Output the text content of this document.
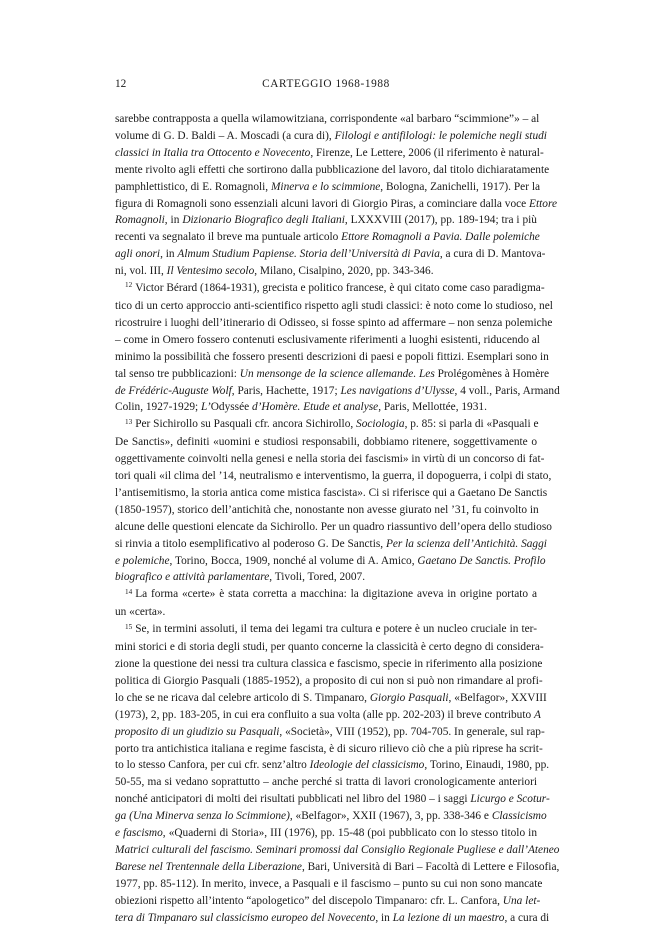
12	CARTEGGIO 1968-1988
sarebbe contrapposta a quella wilamowitziana, corrispondente «al barbaro “scimmione”» – al
volume di G. D. Baldi – A. Moscadi (a cura di), Filologi e antifilologi: le polemiche negli studi
classici in Italia tra Ottocento e Novecento, Firenze, Le Lettere, 2006 (il riferimento è natural-
mente rivolto agli effetti che sortirono dalla pubblicazione del lavoro, dal titolo dichiaratamente
pamphlettistico, di E. Romagnoli, Minerva e lo scimmione, Bologna, Zanichelli, 1917). Per la
figura di Romagnoli sono essenziali alcuni lavori di Giorgio Piras, a cominciare dalla voce Ettore
Romagnoli, in Dizionario Biografico degli Italiani, LXXXVIII (2017), pp. 189-194; tra i più
recenti va segnalato il breve ma puntuale articolo Ettore Romagnoli a Pavia. Dalle polemiche
agli onori, in Almum Studium Papiense. Storia dell’Università di Pavia, a cura di D. Mantova-
ni, vol. III, Il Ventesimo secolo, Milano, Cisalpino, 2020, pp. 343-346.
$^{12}$ Victor Bérard (1864-1931), grecista e politico francese, è qui citato come caso paradigma-
tico di un certo approccio anti-scientifico rispetto agli studi classici: è noto come lo studioso, nel
ricostruire i luoghi dell’itinerario di Odisseo, si fosse spinto ad affermare – non senza polemiche
– come in Omero fossero contenuti esclusivamente riferimenti a luoghi esistenti, riducendo al
minimo la possibilità che fossero presenti descrizioni di paesi e popoli fittizi. Esemplari sono in
tal senso tre pubblicazioni: Un mensonge de la science allemande. Les Prolégomènes à Homère
de Frédéric-Auguste Wolf, Paris, Hachette, 1917; Les navigations d’Ulysse, 4 voll., Paris, Armand
Colin, 1927-1929; L’Odyssée d’Homère. Etude et analyse, Paris, Mellottée, 1931.
$^{13}$ Per Sichirollo su Pasquali cfr. ancora Sichirollo, Sociologia, p. 85: si parla di «Pasquali e
De Sanctis», definiti «uomini e studiosi responsabili, dobbiamo ritenere, soggettivamente o
oggettivamente coinvolti nella genesi e nella storia dei fascismi» in virtù di un concorso di fat-
tori quali «il clima del ’14, neutralismo e interventismo, la guerra, il dopoguerra, i colpi di stato,
l’antisemitismo, la storia antica come mistica fascista». Ci si riferisce qui a Gaetano De Sanctis
(1850-1957), storico dell’antichità che, nonostante non avesse giurato nel ’31, fu coinvolto in
alcune delle questioni elencate da Sichirollo. Per un quadro riassuntivo dell’opera dello studioso
si rinvia a titolo esemplificativo al poderoso G. De Sanctis, Per la scienza dell’Antichità. Saggi
e polemiche, Torino, Bocca, 1909, nonché al volume di A. Amico, Gaetano De Sanctis. Profilo
biografico e attività parlamentare, Tivoli, Tored, 2007.
$^{14}$ La forma «certe» è stata corretta a macchina: la digitazione aveva in origine portato a
un «certa».
$^{15}$ Se, in termini assoluti, il tema dei legami tra cultura e potere è un nucleo cruciale in ter-
mini storici e di storia degli studi, per quanto concerne la classicità è certo degno di considera-
zione la questione dei nessi tra cultura classica e fascismo, specie in riferimento alla posizione
politica di Giorgio Pasquali (1885-1952), a proposito di cui non si può non rimandare al profi-
lo che se ne ricava dal celebre articolo di S. Timpanaro, Giorgio Pasquali, «Belfagor», XXVIII
(1973), 2, pp. 183-205, in cui era confluito a sua volta (alle pp. 202-203) il breve contributo A
proposito di un giudizio su Pasquali, «Società», VIII (1952), pp. 704-705. In generale, sul rap-
porto tra antichistica italiana e regime fascista, è di sicuro rilievo ciò che a più riprese ha scrit-
to lo stesso Canfora, per cui cfr. senz’altro Ideologie del classicismo, Torino, Einaudi, 1980, pp.
50-55, ma si vedano soprattutto – anche perché si tratta di lavori cronologicamente anteriori
nonché anticipatori di molti dei risultati pubblicati nel libro del 1980 – i saggi Licurgo e Scotur-
ga (Una Minerva senza lo Scimmione), «Belfagor», XXII (1967), 3, pp. 338-346 e Classicismo
e fascismo, «Quaderni di Storia», III (1976), pp. 15-48 (poi pubblicato con lo stesso titolo in
Matrici culturali del fascismo. Seminari promossi dal Consiglio Regionale Pugliese e dall’Ateneo
Barese nel Trentennale della Liberazione, Bari, Università di Bari – Facoltà di Lettere e Filosofia,
1977, pp. 85-112). In merito, invece, a Pasquali e il fascismo – punto su cui non sono mancate
obiezioni rispetto all’intento “apologetico” del discepolo Timpanaro: cfr. L. Canfora, Una let-
tera di Timpanaro sul classicismo europeo del Novecento, in La lezione di un maestro, a cura di
